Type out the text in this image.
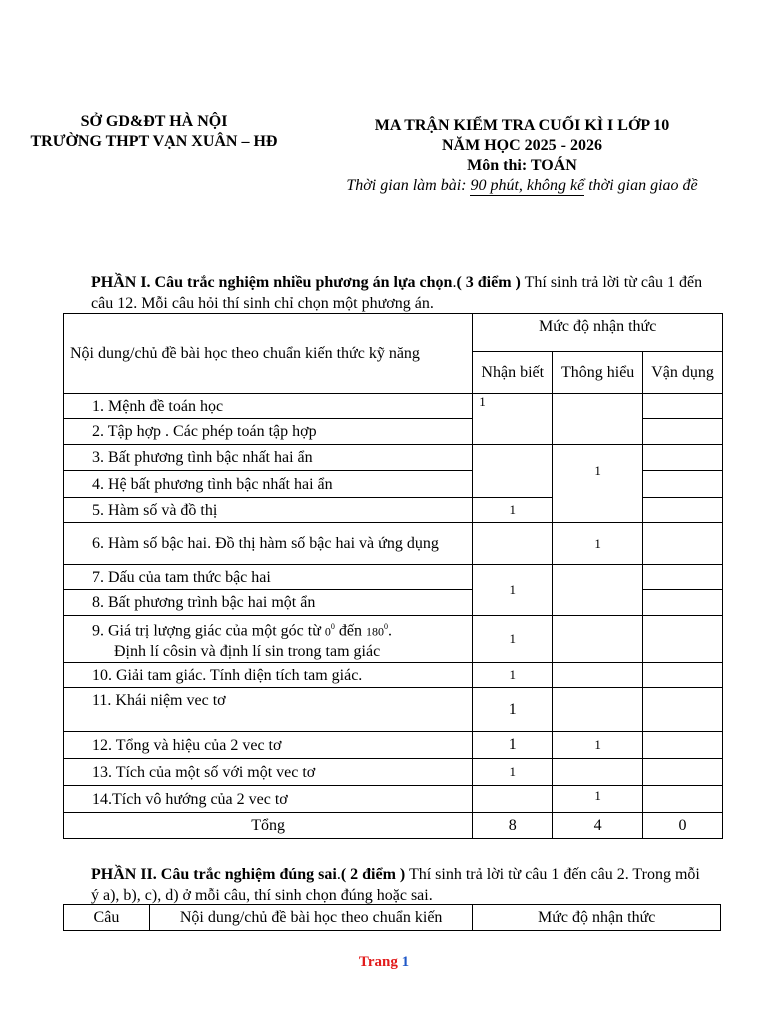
SỞ GD&ĐT HÀ NỘI
TRƯỜNG THPT VẠN XUÂN – HĐ
MA TRẬN KIỂM TRA CUỐI KÌ I LỚP 10
NĂM HỌC 2025 - 2026
Môn thi: TOÁN
Thời gian làm bài: 90 phút, không kể thời gian giao đề
PHẦN I. Câu trắc nghiệm nhiều phương án lựa chọn.( 3 điểm ) Thí sinh trả lời từ câu 1 đến câu 12. Mỗi câu hỏi thí sinh chỉ chọn một phương án.
Nội dung/chủ đề bài học theo chuẩn kiến thức kỹ năng	Mức độ nhận thức		
	Nhận biết	Thông hiểu	Vận dụng
1. Mệnh đề toán học	1		
2. Tập hợp . Các phép toán tập hợp			
3. Bất phương tình bậc nhất hai ẩn		1	
4. Hệ bất phương tình bậc nhất hai ẩn			
5. Hàm số và đồ thị	1		
6. Hàm số bậc hai. Đồ thị hàm số bậc hai và ứng dụng		1	
7. Dấu của tam thức bậc hai	1		
8. Bất phương trình bậc hai một ẩn			

9. Giá trị lượng giác của một góc từ $0^0$ đến $180^0$.
Định lí côsin và định lí sin trong tam giác	1		
10. Giải tam giác. Tính diện tích tam giác.	1		
11. Khái niệm vec tơ	1		
12. Tổng và hiệu của 2 vec tơ	1	1	
13. Tích của một số với một vec tơ	1		
14.Tích vô hướng của 2 vec tơ		1	
Tổng	8	4	0
PHẦN II. Câu trắc nghiệm đúng sai.( 2 điểm ) Thí sinh trả lời từ câu 1 đến câu 2. Trong mỗi ý a), b), c), d) ở mỗi câu, thí sinh chọn đúng hoặc sai.
Câu	Nội dung/chủ đề bài học theo chuẩn kiến	Mức độ nhận thức
Trang 1
